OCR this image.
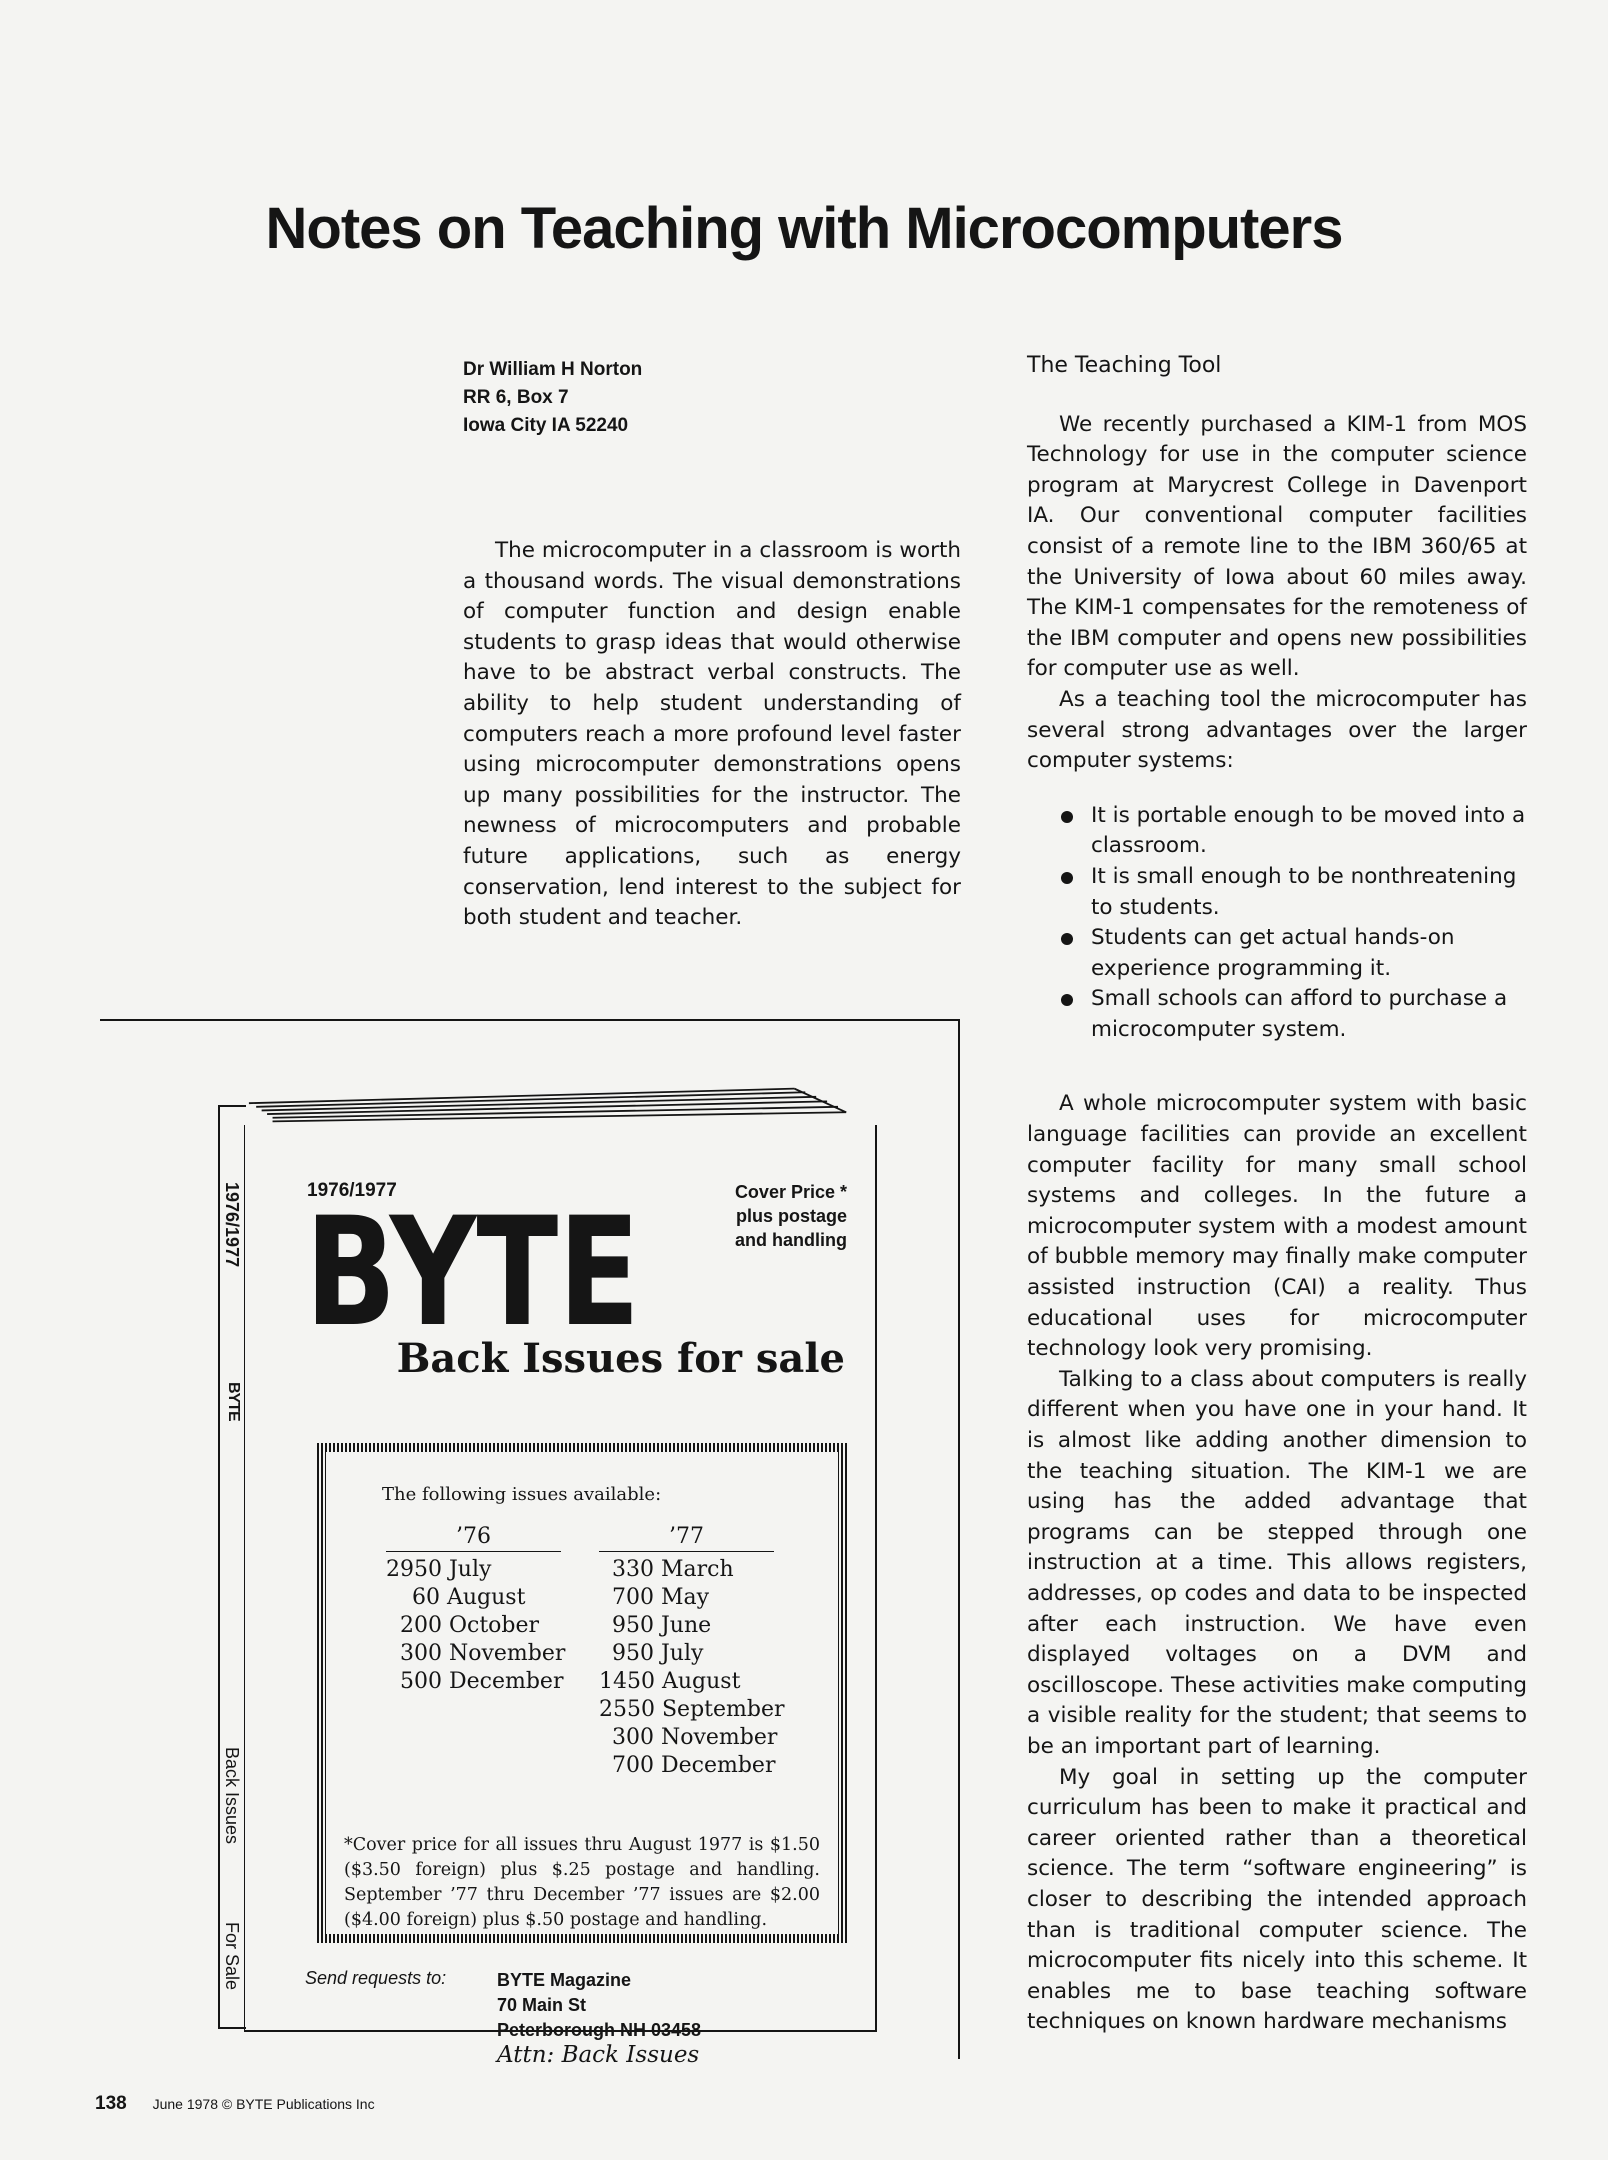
Notes on Teaching with Microcomputers
Dr William H Norton
RR 6, Box 7
Iowa City IA 52240

The microcomputer in a classroom is worth a thousand words. The visual demonstrations of computer function and design enable students to grasp ideas that would otherwise have to be abstract verbal constructs. The ability to help student understanding of computers reach a more profound level faster using microcomputer demonstrations opens up many possibilities for the instructor. The newness of microcomputers and probable future applications, such as energy conservation, lend interest to the subject for both student and teacher.

The Teaching Tool

We recently purchased a KIM-1 from MOS Technology for use in the computer science program at Marycrest College in Davenport IA. Our conventional computer facilities consist of a remote line to the IBM 360/65 at the University of Iowa about 60 miles away. The KIM-1 compensates for the remoteness of the IBM computer and opens new possibilities for computer use as well.

As a teaching tool the microcomputer has several strong advantages over the larger computer systems:

It is portable enough to be moved into a classroom.
It is small enough to be nonthreatening to students.
Students can get actual hands-on experience programming it.
Small schools can afford to purchase a microcomputer system.

A whole microcomputer system with basic language facilities can provide an excellent computer facility for many small school systems and colleges. In the future a microcomputer system with a modest amount of bubble memory may finally make computer assisted instruction (CAI) a reality. Thus educational uses for microcomputer technology look very promising.

Talking to a class about computers is really different when you have one in your hand. It is almost like adding another dimension to the teaching situation. The KIM-1 we are using has the added advantage that programs can be stepped through one instruction at a time. This allows registers, addresses, op codes and data to be inspected after each instruction. We have even displayed voltages on a DVM and oscilloscope. These activities make computing a visible reality for the student; that seems to be an important part of learning.

My goal in setting up the computer curriculum has been to make it practical and career oriented rather than a theoretical science. The term “software engineering” is closer to describing the intended approach than is traditional computer science. The microcomputer fits nicely into this scheme. It enables me to base teaching software techniques on known hardware mechanisms

1976/1977
BYTE
Back Issues
For Sale
1976/1977	Cover Price *
plus postage
and handling
BYTE
Back Issues for sale
The following issues available:
’76
2950 July
60 August
200 October
300 November
500 December
’77
330 March
700 May
950 June
950 July
1450 August
2550 September
300 November
700 December
*Cover price for all issues thru August 1977 is $1.50 ($3.50 foreign) plus $.25 postage and handling. September ’77 thru December ’77 issues are $2.00 ($4.00 foreign) plus $.50 postage and handling.
Send requests to:	BYTE Magazine
70 Main St
Peterborough NH 03458
Attn: Back Issues
138 June 1978 © BYTE Publications Inc
